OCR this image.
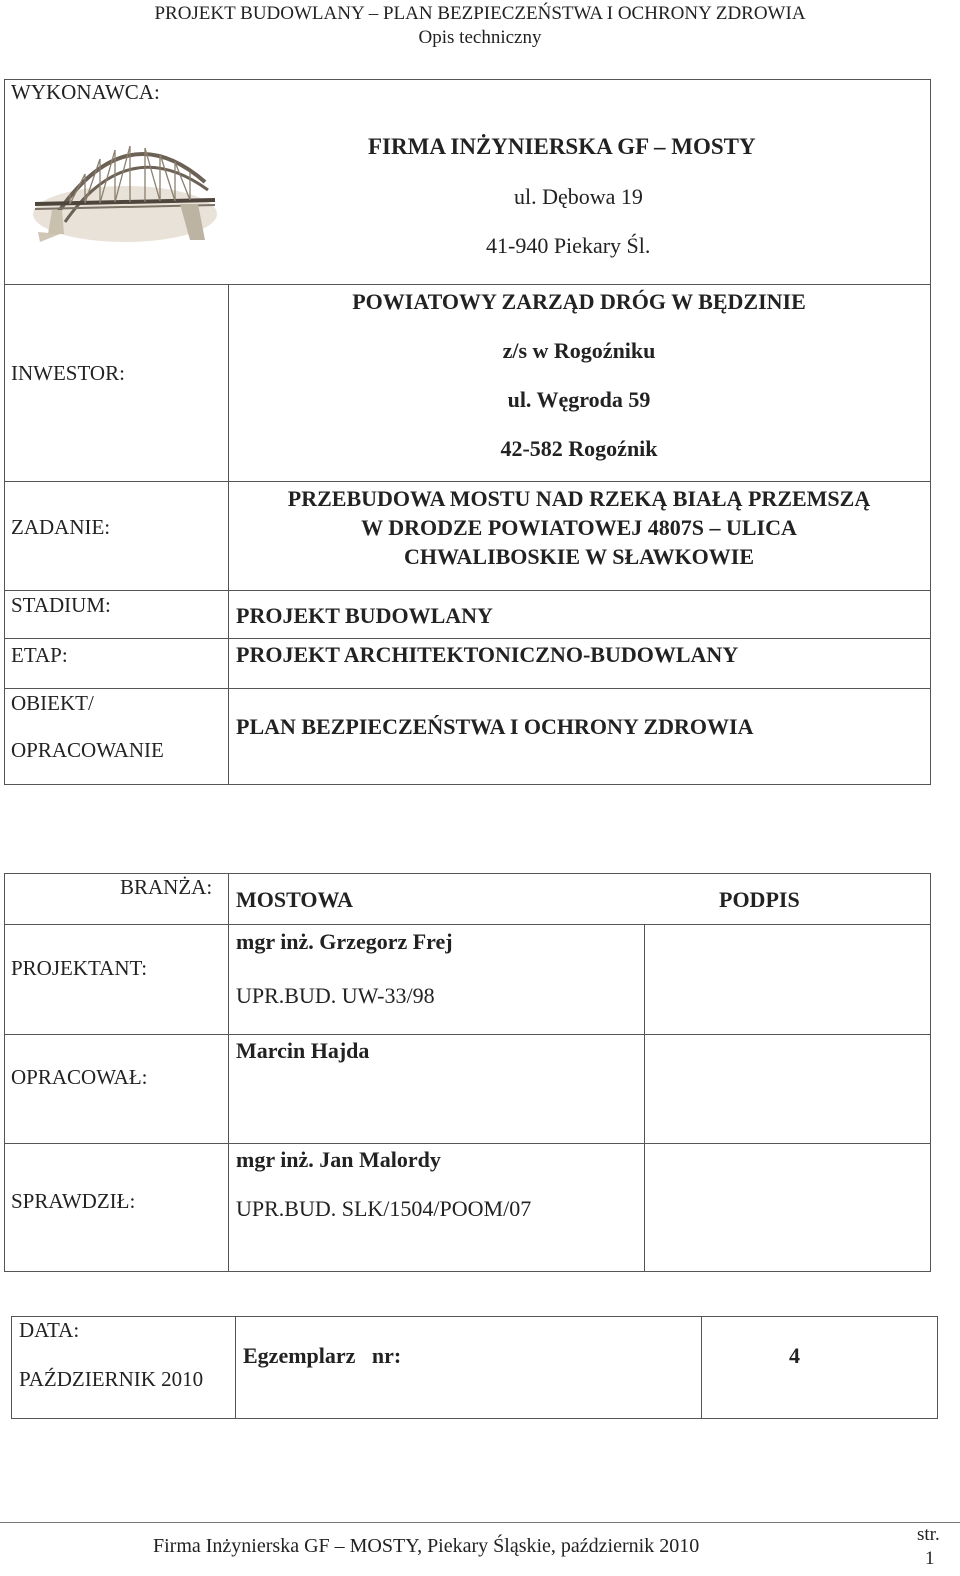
PROJEKT BUDOWLANY – PLAN BEZPIECZEŃSTWA I OCHRONY ZDROWIA
Opis techniczny
WYKONAWCA:
FIRMA INŻYNIERSKA GF – MOSTY
ul. Dębowa 19
41-940 Piekary Śl.
INWESTOR:
POWIATOWY ZARZĄD DRÓG W BĘDZINIE
z/s w Rogoźniku
ul. Węgroda 59
42-582 Rogoźnik
ZADANIE:
PRZEBUDOWA MOSTU NAD RZEKĄ BIAŁĄ PRZEMSZĄ
W DRODZE POWIATOWEJ 4807S – ULICA
CHWALIBOSKIE W SŁAWKOWIE
STADIUM:	PROJEKT BUDOWLANY
ETAP:	PROJEKT ARCHITEKTONICZNO-BUDOWLANY
OBIEKT/
OPRACOWANIE
PLAN BEZPIECZEŃSTWA I OCHRONY ZDROWIA
BRANŻA: MOSTOWA	PODPIS
PROJEKTANT:
mgr inż. Grzegorz Frej
UPR.BUD. UW-33/98
OPRACOWAŁ:
Marcin Hajda
SPRAWDZIŁ:
mgr inż. Jan Malordy
UPR.BUD. SLK/1504/POOM/07
DATA:
PAŹDZIERNIK 2010
Egzemplarz   nr:	4
Firma Inżynierska GF – MOSTY, Piekary Śląskie, październik 2010
str.
1
